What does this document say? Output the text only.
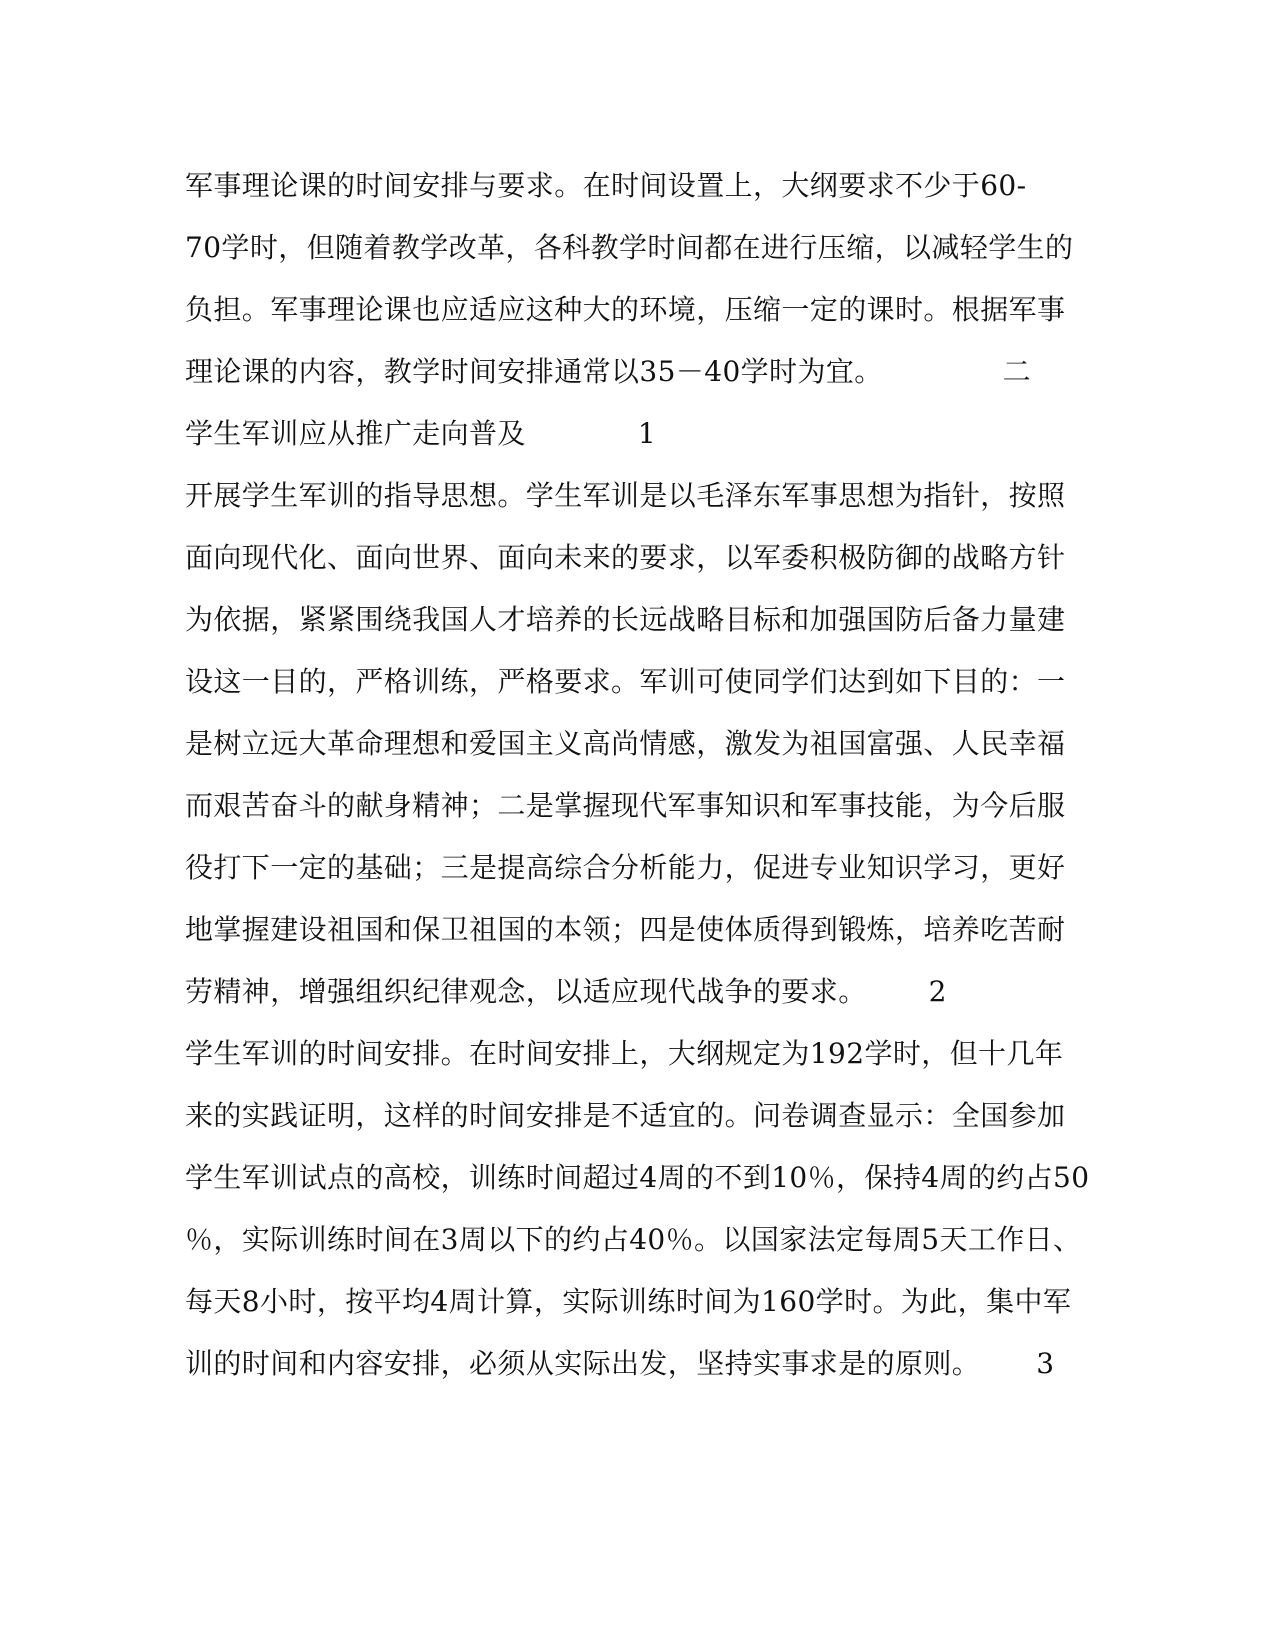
军事理论课的时间安排与要求。在时间设置上，大纲要求不少于60-
70学时，但随着教学改革，各科教学时间都在进行压缩，以减轻学生的
负担。军事理论课也应适应这种大的环境，压缩一定的课时。根据军事
理论课的内容，教学时间安排通常以35－40学时为宜。	二
学生军训应从推广走向普及	1
开展学生军训的指导思想。学生军训是以毛泽东军事思想为指针，按照
面向现代化、面向世界、面向未来的要求，以军委积极防御的战略方针
为依据，紧紧围绕我国人才培养的长远战略目标和加强国防后备力量建
设这一目的，严格训练，严格要求。军训可使同学们达到如下目的：一
是树立远大革命理想和爱国主义高尚情感，激发为祖国富强、人民幸福
而艰苦奋斗的献身精神；二是掌握现代军事知识和军事技能，为今后服
役打下一定的基础；三是提高综合分析能力，促进专业知识学习，更好
地掌握建设祖国和保卫祖国的本领；四是使体质得到锻炼，培养吃苦耐
劳精神，增强组织纪律观念，以适应现代战争的要求。 2
学生军训的时间安排。在时间安排上，大纲规定为192学时，但十几年
来的实践证明，这样的时间安排是不适宜的。问卷调查显示：全国参加
学生军训试点的高校，训练时间超过4周的不到10％，保持4周的约占50
％，实际训练时间在3周以下的约占40％。以国家法定每周5天工作日、
每天8小时，按平均4周计算，实际训练时间为160学时。为此，集中军
训的时间和内容安排，必须从实际出发，坚持实事求是的原则。 3
